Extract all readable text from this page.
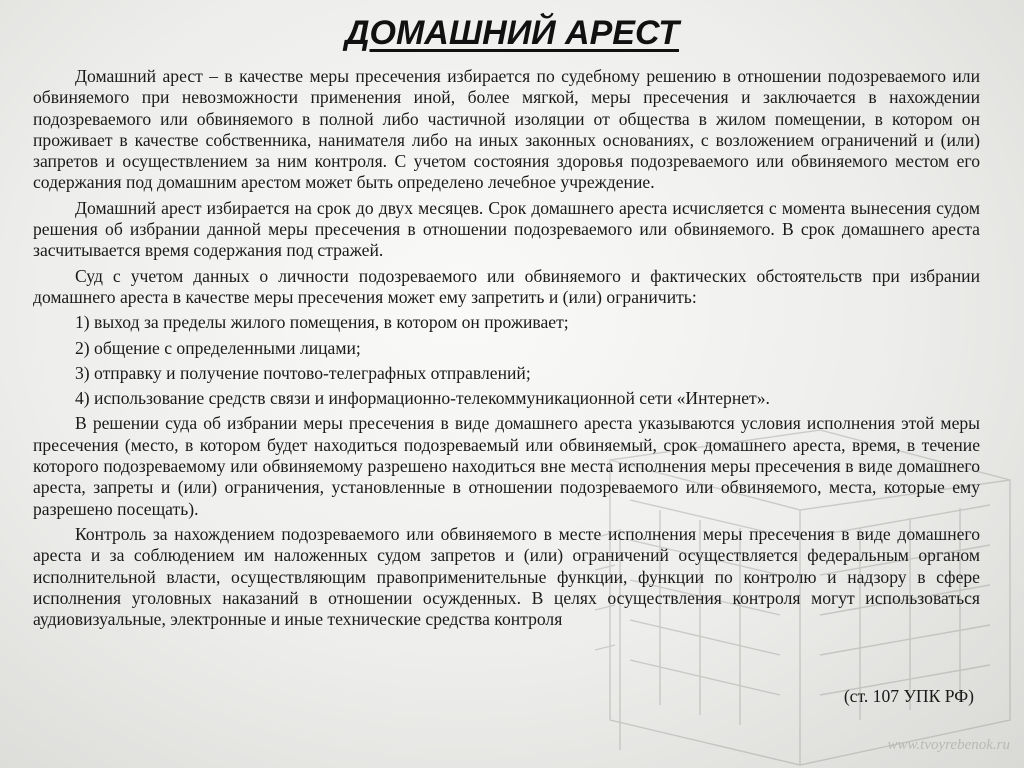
ДОМАШНИЙ АРЕСТ

Домашний арест – в качестве меры пресечения избирается по судебному решению в отношении подозреваемого или обвиняемого при невозможности применения иной, более мягкой, меры пресечения и заключается в нахождении подозреваемого или обвиняемого в полной либо частичной изоляции от общества в жилом помещении, в котором он проживает в качестве собственника, нанимателя либо на иных законных основаниях, с возложением ограничений и (или) запретов и осуществлением за ним контроля. С учетом состояния здоровья подозреваемого или обвиняемого местом его содержания под домашним арестом может быть определено лечебное учреждение.

Домашний арест избирается на срок до двух месяцев. Срок домашнего ареста исчисляется с момента вынесения судом решения об избрании данной меры пресечения в отношении подозреваемого или обвиняемого. В срок домашнего ареста засчитывается время содержания под стражей.

Суд с учетом данных о личности подозреваемого или обвиняемого и фактических обстоятельств при избрании домашнего ареста в качестве меры пресечения может ему запретить и (или) ограничить:

1) выход за пределы жилого помещения, в котором он проживает;

2) общение с определенными лицами;

3) отправку и получение почтово-телеграфных отправлений;

4) использование средств связи и информационно-телекоммуникационной сети «Интернет».

В решении суда об избрании меры пресечения в виде домашнего ареста указываются условия исполнения этой меры пресечения (место, в котором будет находиться подозреваемый или обвиняемый, срок домашнего ареста, время, в течение которого подозреваемому или обвиняемому разрешено находиться вне места исполнения меры пресечения в виде домашнего ареста, запреты и (или) ограничения, установленные в отношении подозреваемого или обвиняемого, места, которые ему разрешено посещать).

Контроль за нахождением подозреваемого или обвиняемого в месте исполнения меры пресечения в виде домашнего ареста и за соблюдением им наложенных судом запретов и (или) ограничений осуществляется федеральным органом исполнительной власти, осуществляющим правоприменительные функции, функции по контролю и надзору в сфере исполнения уголовных наказаний в отношении осужденных. В целях осуществления контроля могут использоваться аудиовизуальные, электронные и иные технические средства контроля

(ст. 107 УПК РФ)
www.tvoyrebenok.ru
